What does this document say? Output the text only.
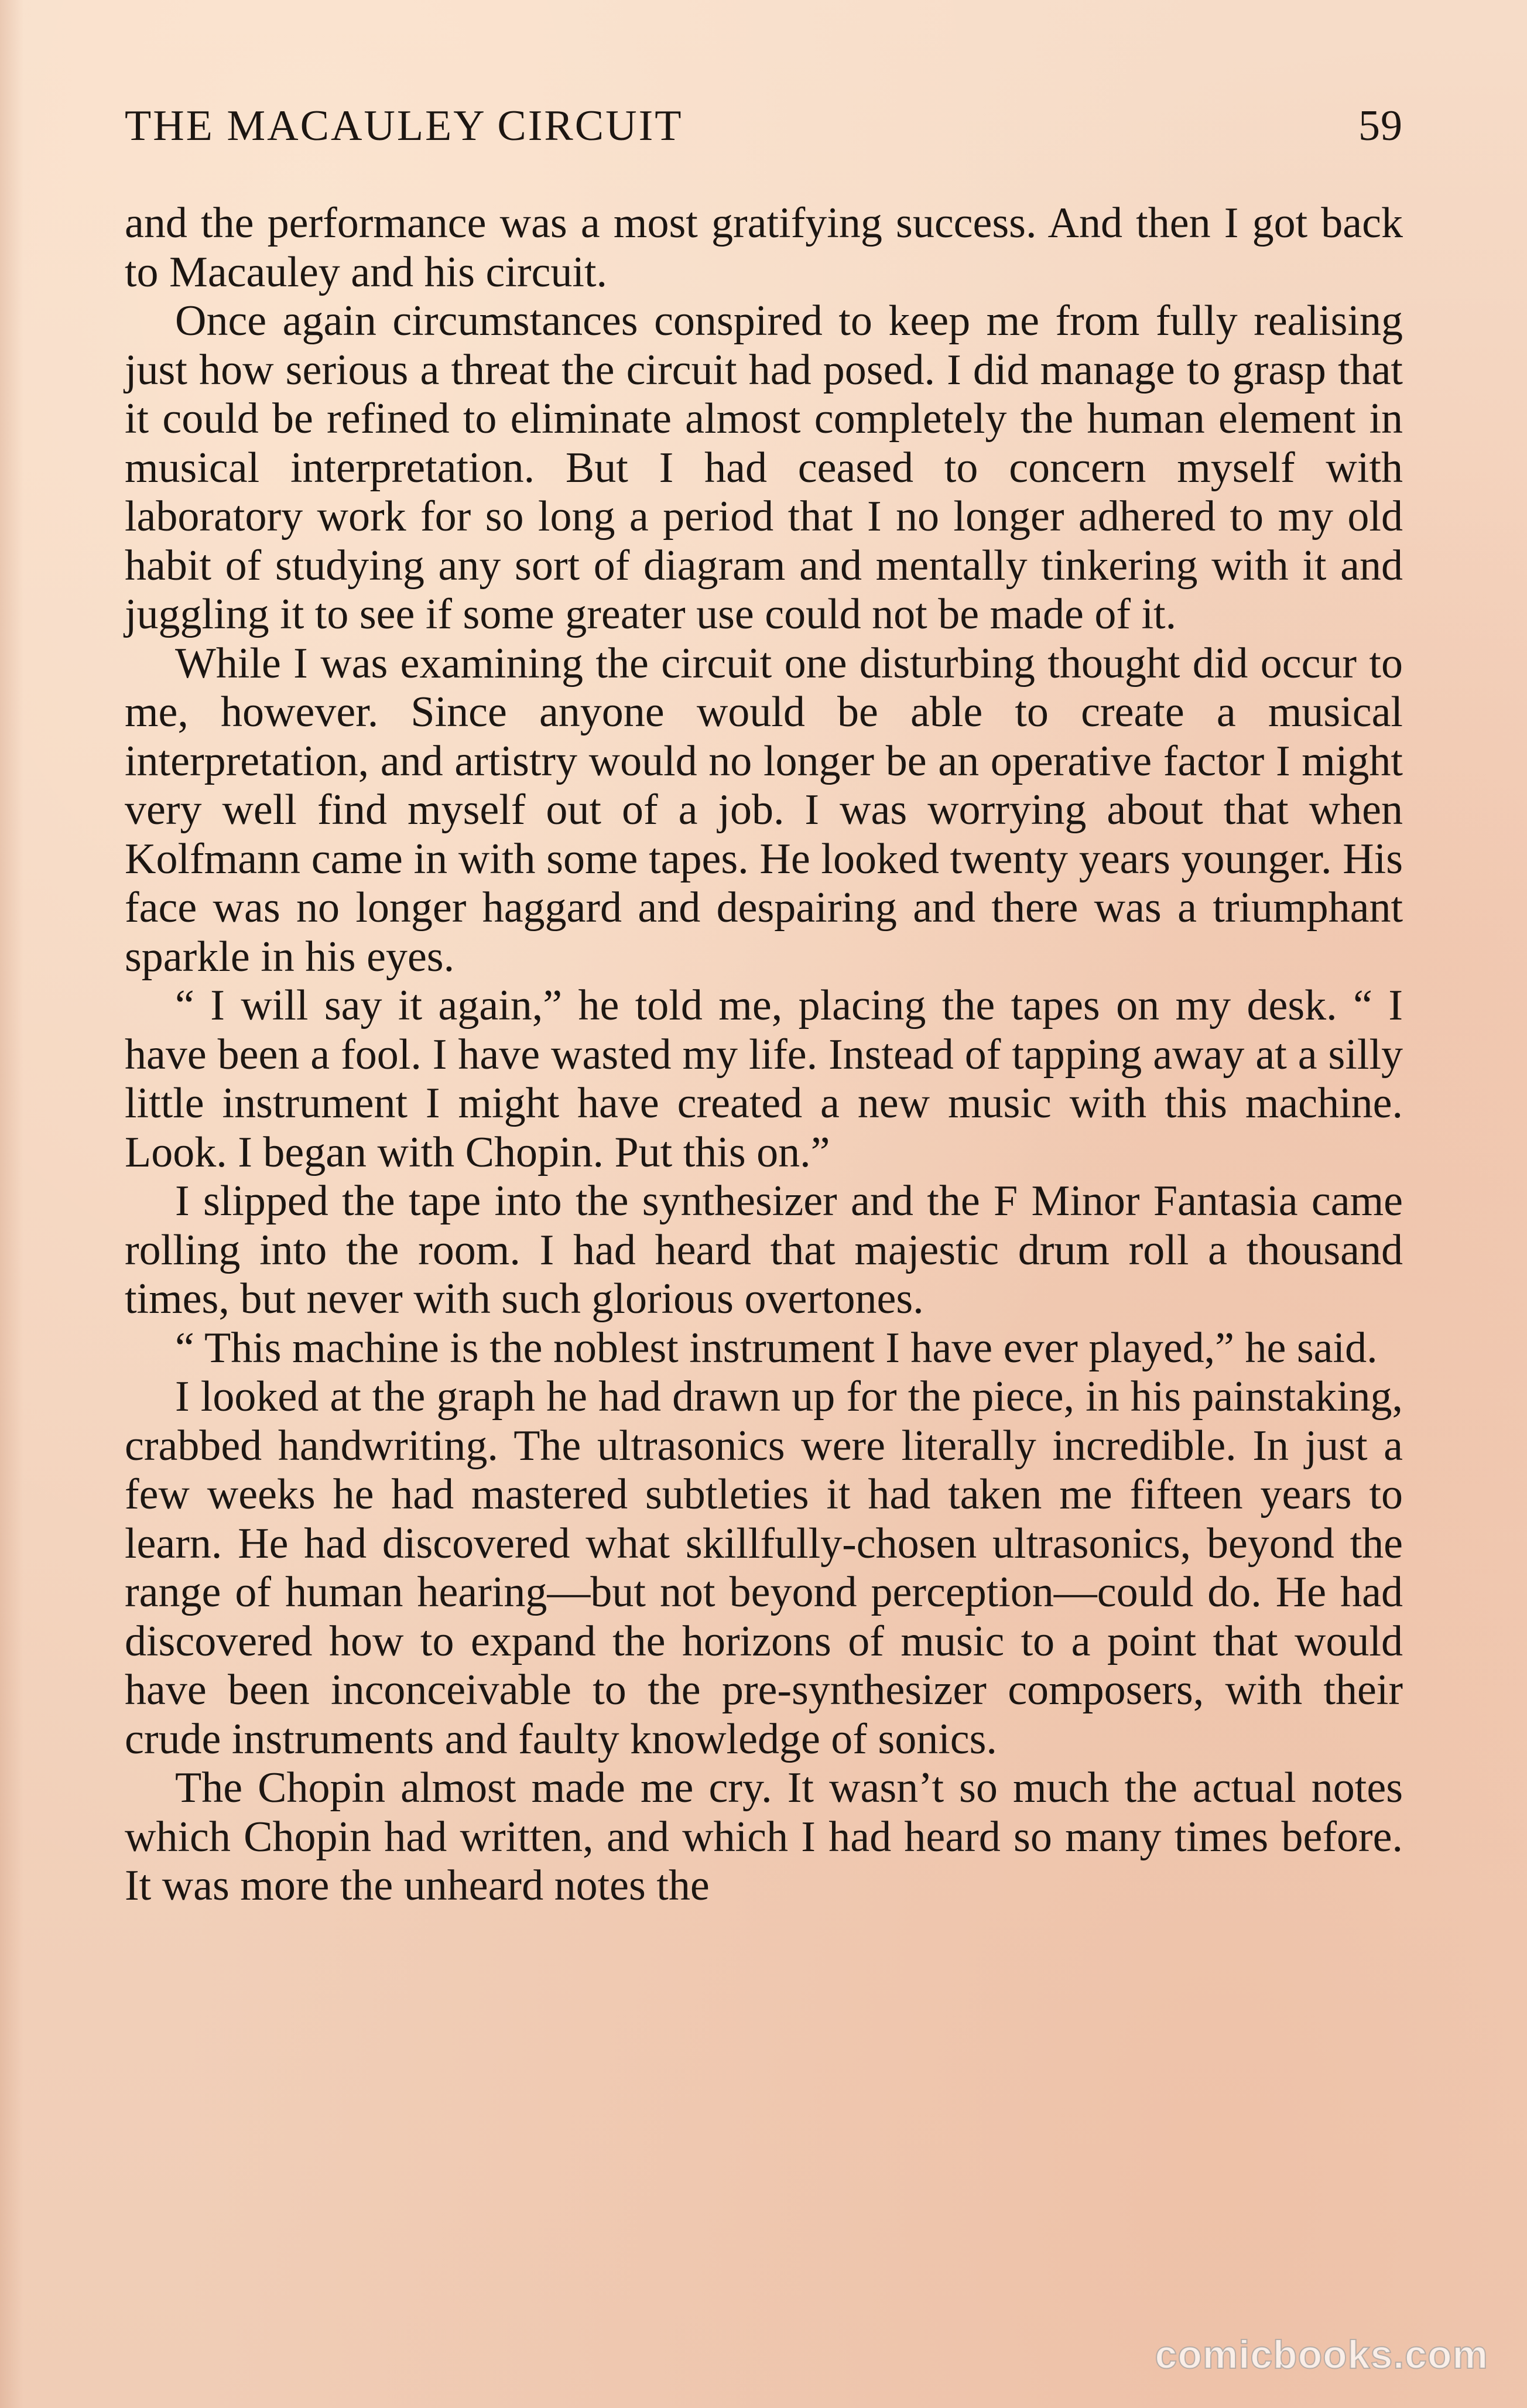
THE MACAULEY CIRCUIT	59

and the performance was a most gratifying success. And then I got back to Macauley and his circuit.

Once again circumstances conspired to keep me from fully realising just how serious a threat the circuit had posed. I did manage to grasp that it could be refined to eliminate almost completely the human element in musical interpretation. But I had ceased to concern myself with laboratory work for so long a period that I no longer adhered to my old habit of studying any sort of diagram and mentally tinkering with it and juggling it to see if some greater use could not be made of it.

While I was examining the circuit one disturbing thought did occur to me, however. Since anyone would be able to create a musical interpretation, and artistry would no longer be an operative factor I might very well find myself out of a job. I was worrying about that when Kolfmann came in with some tapes. He looked twenty years younger. His face was no longer haggard and despairing and there was a triumphant sparkle in his eyes.

“ I will say it again,” he told me, placing the tapes on my desk. “ I have been a fool. I have wasted my life. Instead of tapping away at a silly little instrument I might have created a new music with this machine. Look. I began with Chopin. Put this on.”

I slipped the tape into the synthesizer and the F Minor Fantasia came rolling into the room. I had heard that majestic drum roll a thousand times, but never with such glorious overtones.

“ This machine is the noblest instrument I have ever played,” he said.

I looked at the graph he had drawn up for the piece, in his painstaking, crabbed handwriting. The ultrasonics were literally incredible. In just a few weeks he had mastered subtleties it had taken me fifteen years to learn. He had discovered what skillfully-chosen ultrasonics, beyond the range of human hearing—but not beyond perception—could do. He had discovered how to expand the horizons of music to a point that would have been inconceivable to the pre-synthesizer composers, with their crude instruments and faulty knowledge of sonics.

The Chopin almost made me cry. It wasn’t so much the actual notes which Chopin had written, and which I had heard so many times before. It was more the unheard notes the

comicbooks.com
